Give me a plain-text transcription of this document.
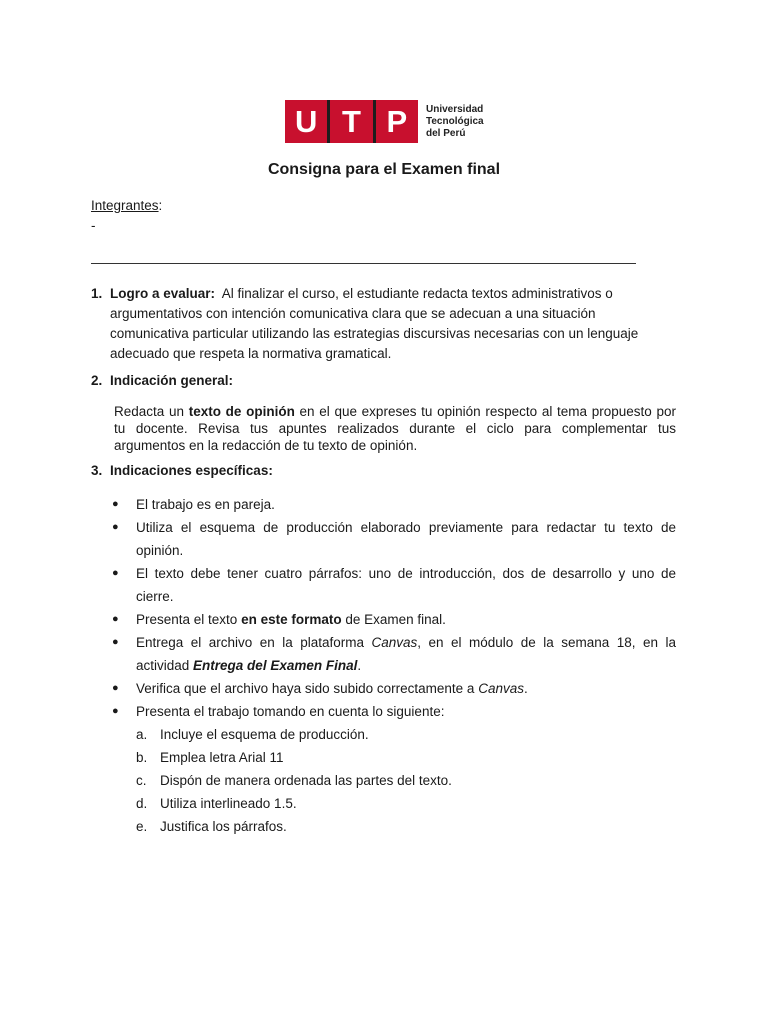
U T P	Universidad
Tecnológica
del Perú
Consigna para el Examen final
Integrantes:
-
1. Logro a evaluar: Al finalizar el curso, el estudiante redacta textos administrativos o argumentativos con intención comunicativa clara que se adecuan a una situación comunicativa particular utilizando las estrategias discursivas necesarias con un lenguaje adecuado que respeta la normativa gramatical.
2. Indicación general:
Redacta un texto de opinión en el que expreses tu opinión respecto al tema propuesto por tu docente. Revisa tus apuntes realizados durante el ciclo para complementar tus argumentos en la redacción de tu texto de opinión.
3. Indicaciones específicas:
● El trabajo es en pareja.
● Utiliza el esquema de producción elaborado previamente para redactar tu texto de opinión.
● El texto debe tener cuatro párrafos: uno de introducción, dos de desarrollo y uno de cierre.
● Presenta el texto en este formato de Examen final.
● Entrega el archivo en la plataforma Canvas, en el módulo de la semana 18, en la actividad Entrega del Examen Final.
● Verifica que el archivo haya sido subido correctamente a Canvas.
● Presenta el trabajo tomando en cuenta lo siguiente:
a. Incluye el esquema de producción.
b. Emplea letra Arial 11
c. Dispón de manera ordenada las partes del texto.
d. Utiliza interlineado 1.5.
e. Justifica los párrafos.
